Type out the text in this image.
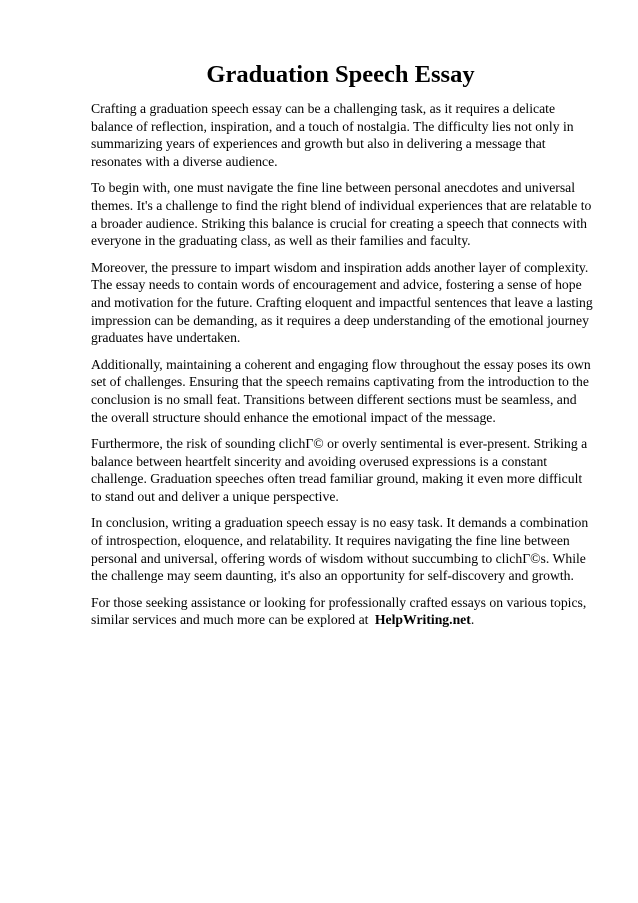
Graduation Speech Essay

Crafting a graduation speech essay can be a challenging task, as it requires a delicate balance of reflection, inspiration, and a touch of nostalgia. The difficulty lies not only in summarizing years of experiences and growth but also in delivering a message that resonates with a diverse audience.

To begin with, one must navigate the fine line between personal anecdotes and universal themes. It's a challenge to find the right blend of individual experiences that are relatable to a broader audience. Striking this balance is crucial for creating a speech that connects with everyone in the graduating class, as well as their families and faculty.

Moreover, the pressure to impart wisdom and inspiration adds another layer of complexity. The essay needs to contain words of encouragement and advice, fostering a sense of hope and motivation for the future. Crafting eloquent and impactful sentences that leave a lasting impression can be demanding, as it requires a deep understanding of the emotional journey graduates have undertaken.

Additionally, maintaining a coherent and engaging flow throughout the essay poses its own set of challenges. Ensuring that the speech remains captivating from the introduction to the conclusion is no small feat. Transitions between different sections must be seamless, and the overall structure should enhance the emotional impact of the message.

Furthermore, the risk of sounding clichГ© or overly sentimental is ever-present. Striking a balance between heartfelt sincerity and avoiding overused expressions is a constant challenge. Graduation speeches often tread familiar ground, making it even more difficult to stand out and deliver a unique perspective.

In conclusion, writing a graduation speech essay is no easy task. It demands a combination of introspection, eloquence, and relatability. It requires navigating the fine line between personal and universal, offering words of wisdom without succumbing to clichГ©s. While the challenge may seem daunting, it's also an opportunity for self-discovery and growth.

For those seeking assistance or looking for professionally crafted essays on various topics, similar services and much more can be explored at HelpWriting.net.
